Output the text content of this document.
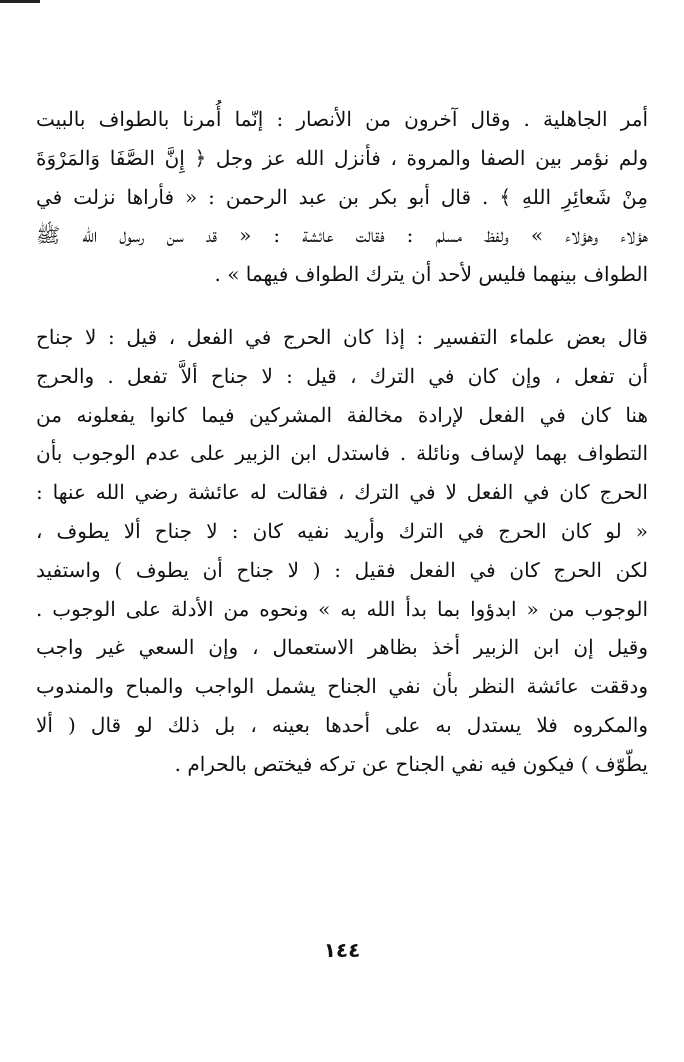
أمر الجاهلية . وقال آخرون من الأنصار : إنّما أُمرنا بالطواف بالبيت
ولم نؤمر بين الصفا والمروة ، فأنزل الله عز وجل ﴿ إِنَّ الصَّفَا وَالمَرْوَةَ
مِنْ شَعائِرِ اللهِ ﴾ . قال أبو بكر بن عبد الرحمن : « فأراها نزلت في
هؤلاء وهؤلاء » ولفظ مسلم : فقالت عائشة : « قد سن رسول الله ﷺ
الطواف بينهما فليس لأحد أن يترك الطواف فيهما » .
قال بعض علماء التفسير : إذا كان الحرج في الفعل ، قيل : لا جناح
أن تفعل ، وإن كان في الترك ، قيل : لا جناح ألاَّ تفعل . والحرج
هنا كان في الفعل لإرادة مخالفة المشركين فيما كانوا يفعلونه من
التطواف بهما لإساف ونائلة . فاستدل ابن الزبير على عدم الوجوب بأن
الحرج كان في الفعل لا في الترك ، فقالت له عائشة رضي الله عنها :
« لو كان الحرج في الترك وأريد نفيه كان : لا جناح ألا يطوف ،
لكن الحرج كان في الفعل فقيل : ( لا جناح أن يطوف ) واستفيد
الوجوب من « ابدؤوا بما بدأ الله به » ونحوه من الأدلة على الوجوب .
وقيل إن ابن الزبير أخذ بظاهر الاستعمال ، وإن السعي غير واجب
ودققت عائشة النظر بأن نفي الجناح يشمل الواجب والمباح والمندوب
والمكروه فلا يستدل به على أحدها بعينه ، بل ذلك لو قال ( ألا
يطّوّف ) فيكون فيه نفي الجناح عن تركه فيختص بالحرام .
١٤٤
